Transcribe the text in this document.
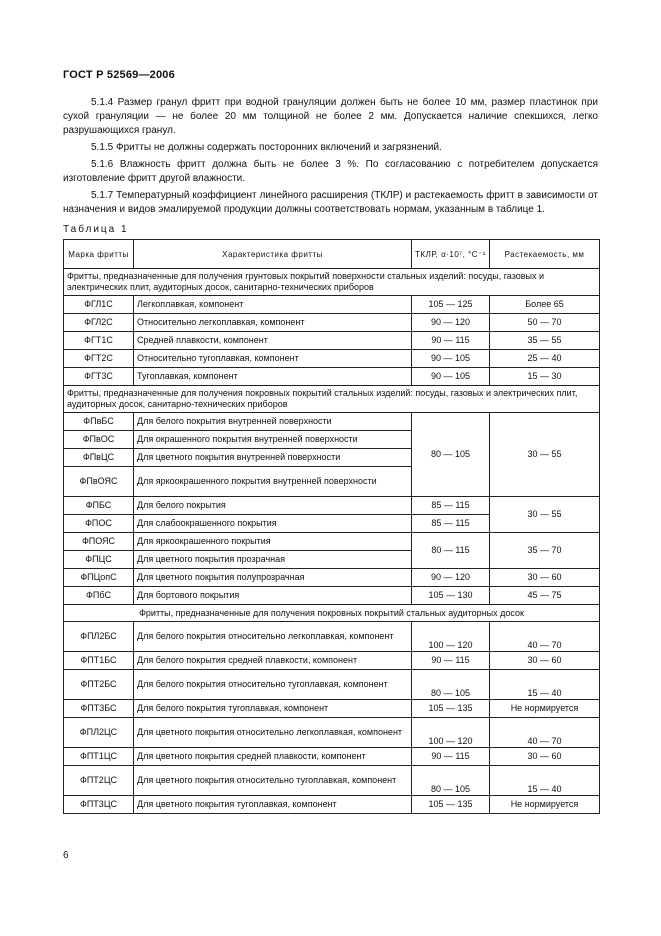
ГОСТ Р 52569—2006

5.1.4 Размер гранул фритт при водной грануляции должен быть не более 10 мм, размер пластинок при сухой грануляции — не более 20 мм толщиной не более 2 мм. Допускается наличие спекшихся, легко разрушающихся гранул.

5.1.5 Фритты не должны содержать посторонних включений и загрязнений.

5.1.6 Влажность фритт должна быть не более 3 %. По согласованию с потребителем допускается изготовление фритт другой влажности.

5.1.7 Температурный коэффициент линейного расширения (ТКЛР) и растекаемость фритт в зависимости от назначения и видов эмалируемой продукции должны соответствовать нормам, указанным в таблице 1.

Таблица 1
Марка фритты	Характеристика фритты	ТКЛР, α·10⁷, °С⁻¹	Растекаемость, мм
Фритты, предназначенные для получения грунтовых покрытий поверхности стальных изделий: посуды, газовых и электрических плит, аудиторных досок, санитарно-технических приборов			
ФГЛ1С	Легкоплавкая, компонент	105 — 125	Более 65
ФГЛ2С	Относительно легкоплавкая, компонент	90 — 120	50 — 70
ФГТ1С	Средней плавкости, компонент	90 — 115	35 — 55
ФГТ2С	Относительно тугоплавкая, компонент	90 — 105	25 — 40
ФГТ3С	Тугоплавкая, компонент	90 — 105	15 — 30
Фритты, предназначенные для получения покровных покрытий стальных изделий: посуды, газовых и электрических плит, аудиторных досок, санитарно-технических приборов			
ФПвБС	Для белого покрытия внутренней поверхности	80 — 105	30 — 55
ФПвОС	Для окрашенного покрытия внутренней поверхности		
ФПвЦС	Для цветного покрытия внутренней поверхности		
ФПвОЯС	Для яркоокрашенного покрытия внутренней поверхности		
ФПБС	Для белого покрытия	85 — 115	30 — 55
ФПОС	Для слабоокрашенного покрытия	85 — 115	
ФПОЯС	Для яркоокрашенного покрытия	80 — 115	35 — 70
ФПЦС	Для цветного покрытия прозрачная		
ФПЦопС	Для цветного покрытия полупрозрачная	90 — 120	30 — 60
ФПбС	Для бортового покрытия	105 — 130	45 — 75
Фритты, предназначенные для получения покровных покрытий стальных аудиторных досок			
ФПЛ2БС	Для белого покрытия относительно легкоплавкая, компонент	100 — 120	40 — 70
ФПТ1БС	Для белого покрытия средней плавкости, компонент	90 — 115	30 — 60
ФПТ2БС	Для белого покрытия относительно тугоплавкая, компонент	80 — 105	15 — 40
ФПТ3БС	Для белого покрытия тугоплавкая, компонент	105 — 135	Не нормируется
ФПЛ2ЦС	Для цветного покрытия относительно легкоплавкая, компонент	100 — 120	40 — 70
ФПТ1ЦС	Для цветного покрытия средней плавкости, компонент	90 — 115	30 — 60
ФПТ2ЦС	Для цветного покрытия относительно тугоплавкая, компонент	80 — 105	15 — 40
ФПТ3ЦС	Для цветного покрытия тугоплавкая, компонент	105 — 135	Не нормируется
6
